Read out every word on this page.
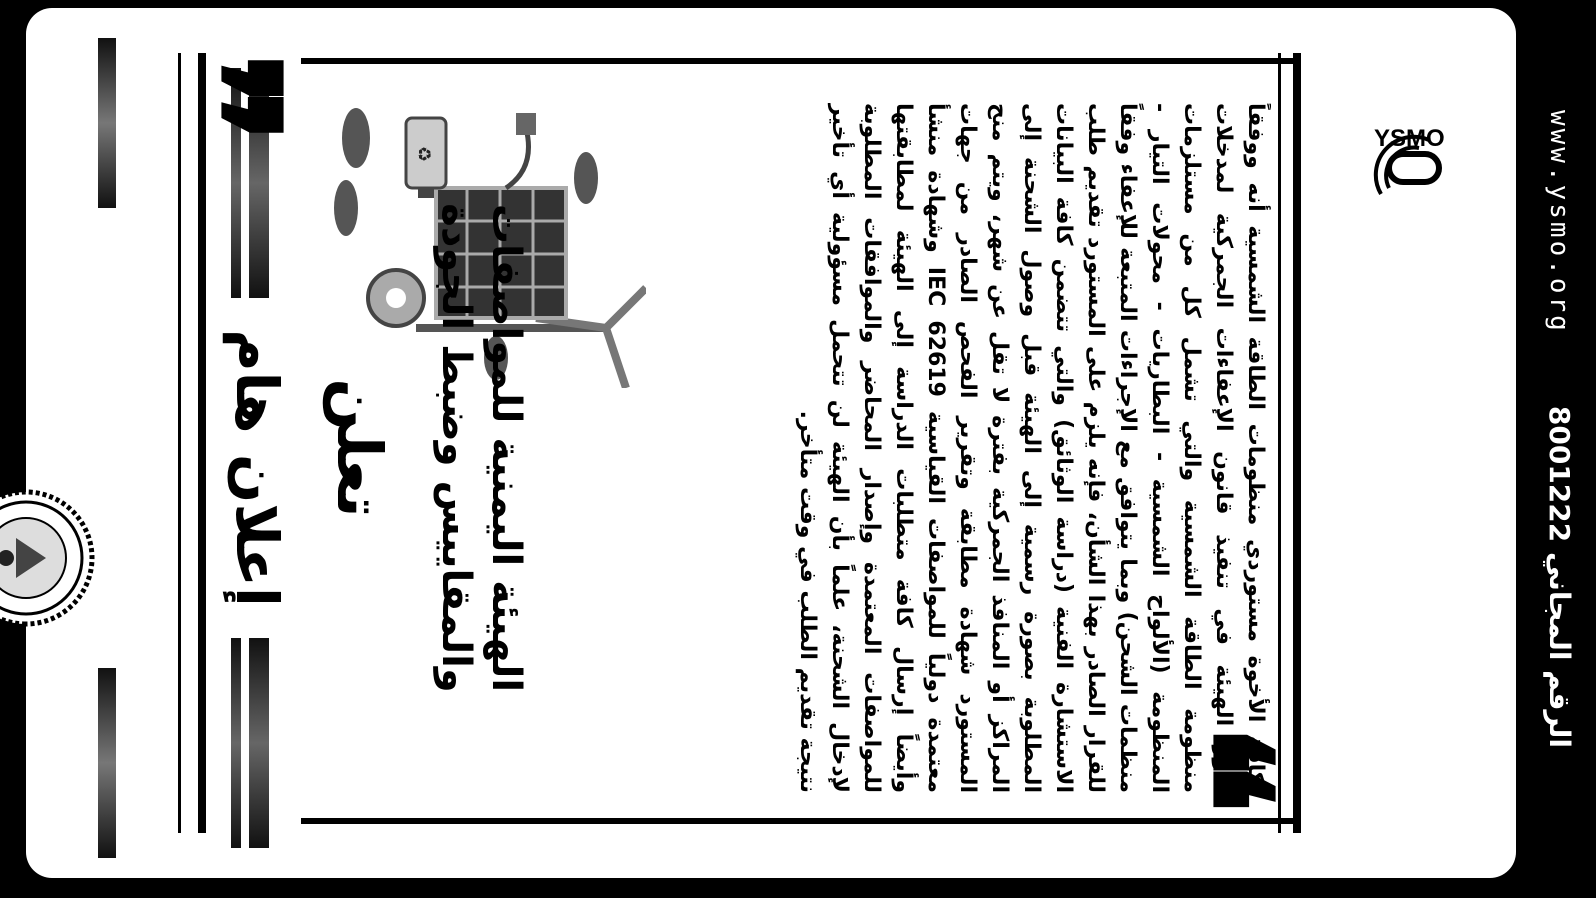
www.ysmo.org
الرقم المجاني 8001222
YSMO
❞
لكافة الأخوة مستوردي منظومات الطاقة الشمسية أنه ووفقاً لدور الهيئة في تنفيذ قانون الإعفاءات الجمركية لمدخلات منظومة الطاقة الشمسية والتي تشمل كل من مستلزمات المنظومة (الألواح الشمسية - البطاريات - محولات التيار - منظمات الشحن) وبما يتوافق مع الإجراءات المتبعة للإعفاء وفقاً للقرار الصادر بهذا الشأن، فإنه يلزم على المستورد تقديم طلب الاستشارة الفنية (دراسة الوثائق) والتي تتضمن كافة البيانات المطلوبة بصورة رسمية إلى الهيئة قبل وصول الشحنة إلى المراكز أو المنافذ الجمركية بفترة لا تقل عن شهر، ويتم منح المستورد شهادة مطابقة وتقرير الفحص الصادر من جهات معتمدة دولياً للمواصفات القياسية IEC 62619 وشهادة منشأ وأيضاً إرسال كافة متطلبات الدراسة إلى الهيئة لمطابقتها للمواصفات المعتمدة وإصدار المحاضر والموافقات المطلوبة لإدخال الشحنة، علماً بأن الهيئة لن تتحمل مسؤولية أي تأخير نتيجة تقديم الطلب في وقت متأخر.
♻
الهيئة اليمنية للمواصفات
والمقاييس وضبط الجودة
تعلن
إعلان هام
❞
